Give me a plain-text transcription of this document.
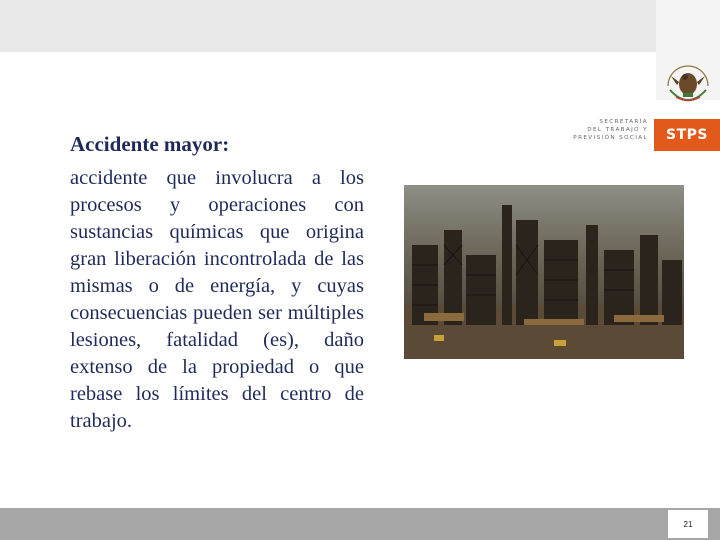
SECRETARÍA
DEL TRABAJO Y
PREVISIÓN SOCIAL	STPS
Accidente mayor:

accidente que involucra a los procesos y operaciones con sustancias químicas que origina gran liberación incontrolada de las mismas o de energía, y cuyas consecuencias pueden ser múltiples lesiones, fatalidad (es), daño extenso de la propiedad o que rebase los límites del centro de trabajo.

21
